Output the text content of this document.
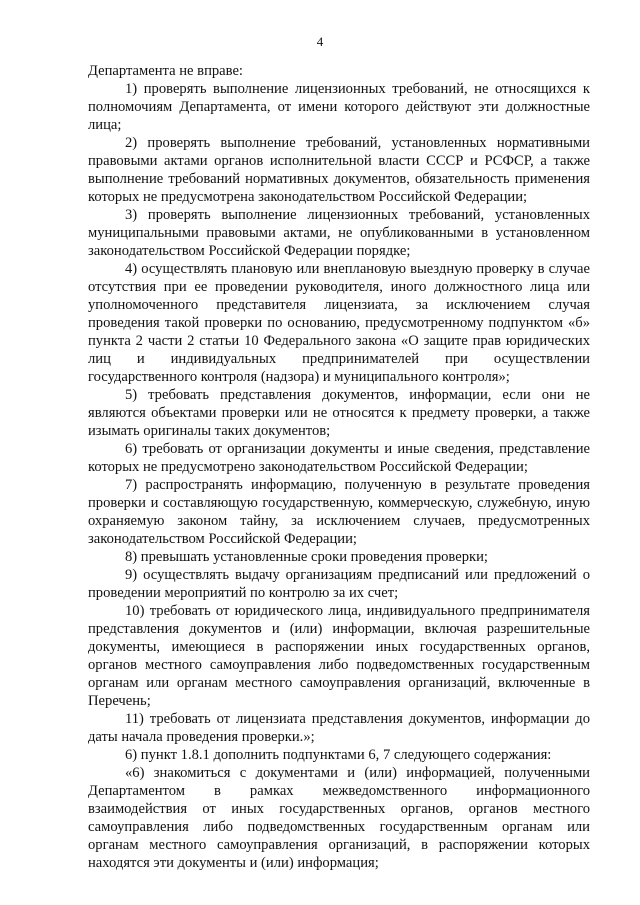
4

Департамента не вправе:

1) проверять выполнение лицензионных требований, не относящихся к полномочиям Департамента, от имени которого действуют эти должностные лица;

2) проверять выполнение требований, установленных нормативными правовыми актами органов исполнительной власти СССР и РСФСР, а также выполнение требований нормативных документов, обязательность применения которых не предусмотрена законодательством Российской Федерации;

3) проверять выполнение лицензионных требований, установленных муниципальными правовыми актами, не опубликованными в установленном законодательством Российской Федерации порядке;

4) осуществлять плановую или внеплановую выездную проверку в случае отсутствия при ее проведении руководителя, иного должностного лица или уполномоченного представителя лицензиата, за исключением случая проведения такой проверки по основанию, предусмотренному подпунктом «б» пункта 2 части 2 статьи 10 Федерального закона «О защите прав юридических лиц и индивидуальных предпринимателей при осуществлении государственного контроля (надзора) и муниципального контроля»;

5) требовать представления документов, информации, если они не являются объектами проверки или не относятся к предмету проверки, а также изымать оригиналы таких документов;

6) требовать от организации документы и иные сведения, представление которых не предусмотрено законодательством Российской Федерации;

7) распространять информацию, полученную в результате проведения проверки и составляющую государственную, коммерческую, служебную, иную охраняемую законом тайну, за исключением случаев, предусмотренных законодательством Российской Федерации;

8) превышать установленные сроки проведения проверки;

9) осуществлять выдачу организациям предписаний или предложений о проведении мероприятий по контролю за их счет;

10) требовать от юридического лица, индивидуального предпринимателя представления документов и (или) информации, включая разрешительные документы, имеющиеся в распоряжении иных государственных органов, органов местного самоуправления либо подведомственных государственным органам или органам местного самоуправления организаций, включенные в Перечень;

11) требовать от лицензиата представления документов, информации до даты начала проведения проверки.»;

6) пункт 1.8.1 дополнить подпунктами 6, 7 следующего содержания:

«6) знакомиться с документами и (или) информацией, полученными Департаментом в рамках межведомственного информационного взаимодействия от иных государственных органов, органов местного самоуправления либо подведомственных государственным органам или органам местного самоуправления организаций, в распоряжении которых находятся эти документы и (или) информация;
